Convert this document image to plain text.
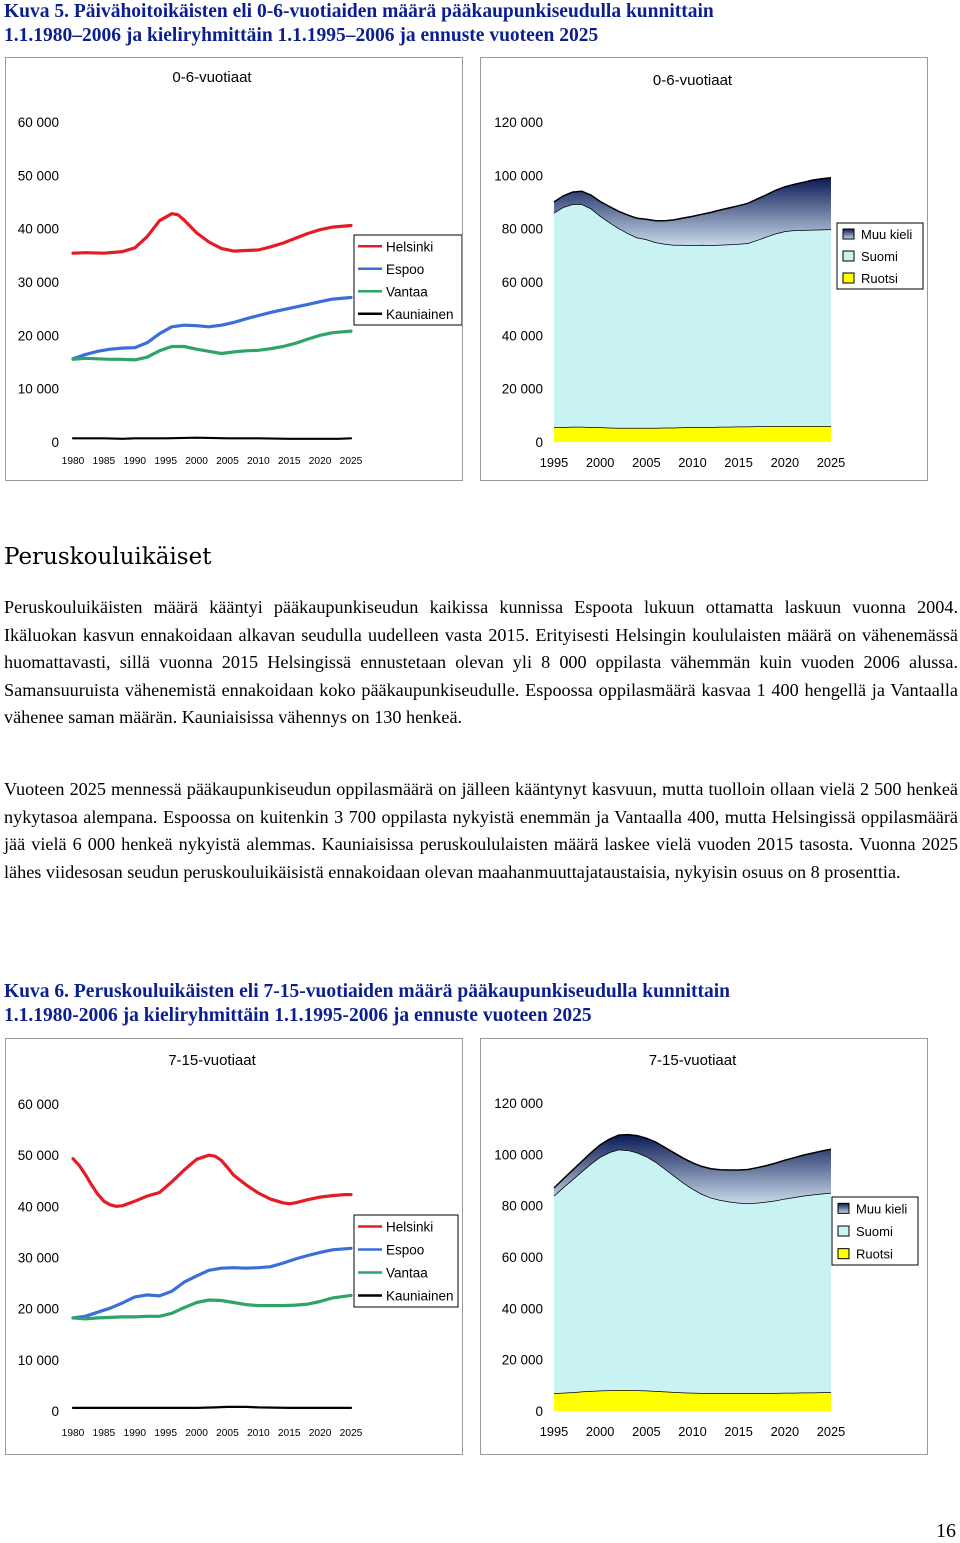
Kuva 5. Päivähoitoikäisten eli 0-6-vuotiaiden määrä pääkaupunkiseudulla kunnittain
1.1.1980–2006 ja kieliryhmittäin 1.1.1995–2006 ja ennuste vuoteen 2025
0-6-vuotiaat
0
10 000
20 000
30 000
40 000
50 000
60 000
1980 1985 1990 1995 2000 2005 2010 2015 2020 2025
Helsinki
Espoo
Vantaa
Kauniainen
0-6-vuotiaat
0
20 000
40 000
60 000
80 000
100 000
120 000
1995 2000 2005 2010 2015 2020 2025
Muu kieli
Suomi
Ruotsi
Peruskouluikäiset

Peruskouluikäisten määrä kääntyi pääkaupunkiseudun kaikissa kunnissa Espoota lukuun ottamatta laskuun vuonna 2004. Ikäluokan kasvun ennakoidaan alkavan seudulla uudelleen vasta 2015. Erityisesti Helsingin koululaisten määrä on vähenemässä huomattavasti, sillä vuonna 2015 Helsingissä ennustetaan olevan yli 8 000 oppilasta vähemmän kuin vuoden 2006 alussa. Samansuuruista vähenemistä ennakoidaan koko pääkaupunkiseudulle. Espoossa oppilasmäärä kasvaa 1 400 hengellä ja Vantaalla vähenee saman määrän. Kauniaisissa vähennys on 130 henkeä.

Vuoteen 2025 mennessä pääkaupunkiseudun oppilasmäärä on jälleen kääntynyt kasvuun, mutta tuolloin ollaan vielä 2 500 henkeä nykytasoa alempana. Espoossa on kuitenkin 3 700 oppilasta nykyistä enemmän ja Vantaalla 400, mutta Helsingissä oppilasmäärä jää vielä 6 000 henkeä nykyistä alemmas. Kauniaisissa peruskoululaisten määrä laskee vielä vuoden 2015 tasosta. Vuonna 2025 lähes viidesosan seudun peruskouluikäisistä ennakoidaan olevan maahanmuuttajataustaisia, nykyisin osuus on 8 prosenttia.

Kuva 6. Peruskouluikäisten eli 7-15-vuotiaiden määrä pääkaupunkiseudulla kunnittain
1.1.1980-2006 ja kieliryhmittäin 1.1.1995-2006 ja ennuste vuoteen 2025
7-15-vuotiaat
0
10 000
20 000
30 000
40 000
50 000
60 000
1980 1985 1990 1995 2000 2005 2010 2015 2020 2025
Helsinki
Espoo
Vantaa
Kauniainen
7-15-vuotiaat
0
20 000
40 000
60 000
80 000
100 000
120 000
1995 2000 2005 2010 2015 2020 2025
Muu kieli
Suomi
Ruotsi

16
